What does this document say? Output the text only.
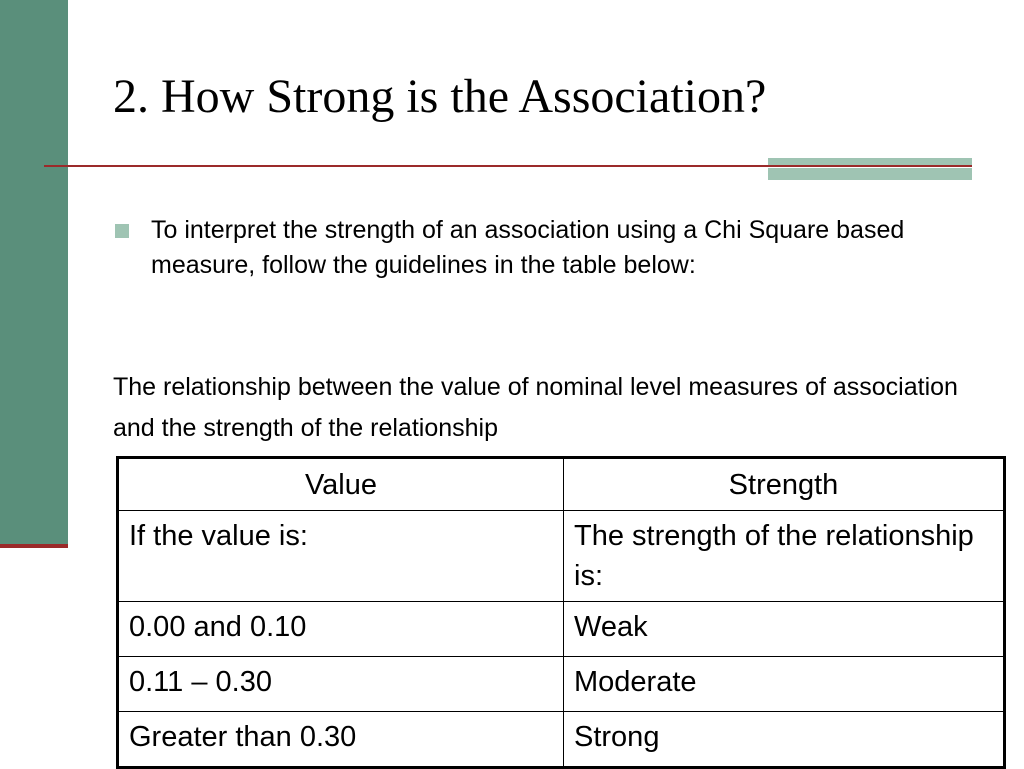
2. How Strong is the Association?

To interpret the strength of an association using a Chi Square based measure, follow the guidelines in the table below:

The relationship between the value of nominal level measures of association and the strength of the relationship

Value	Strength
If the value is:	The strength of the relationship is:
0.00 and 0.10	Weak
0.11 – 0.30	Moderate
Greater than 0.30	Strong
